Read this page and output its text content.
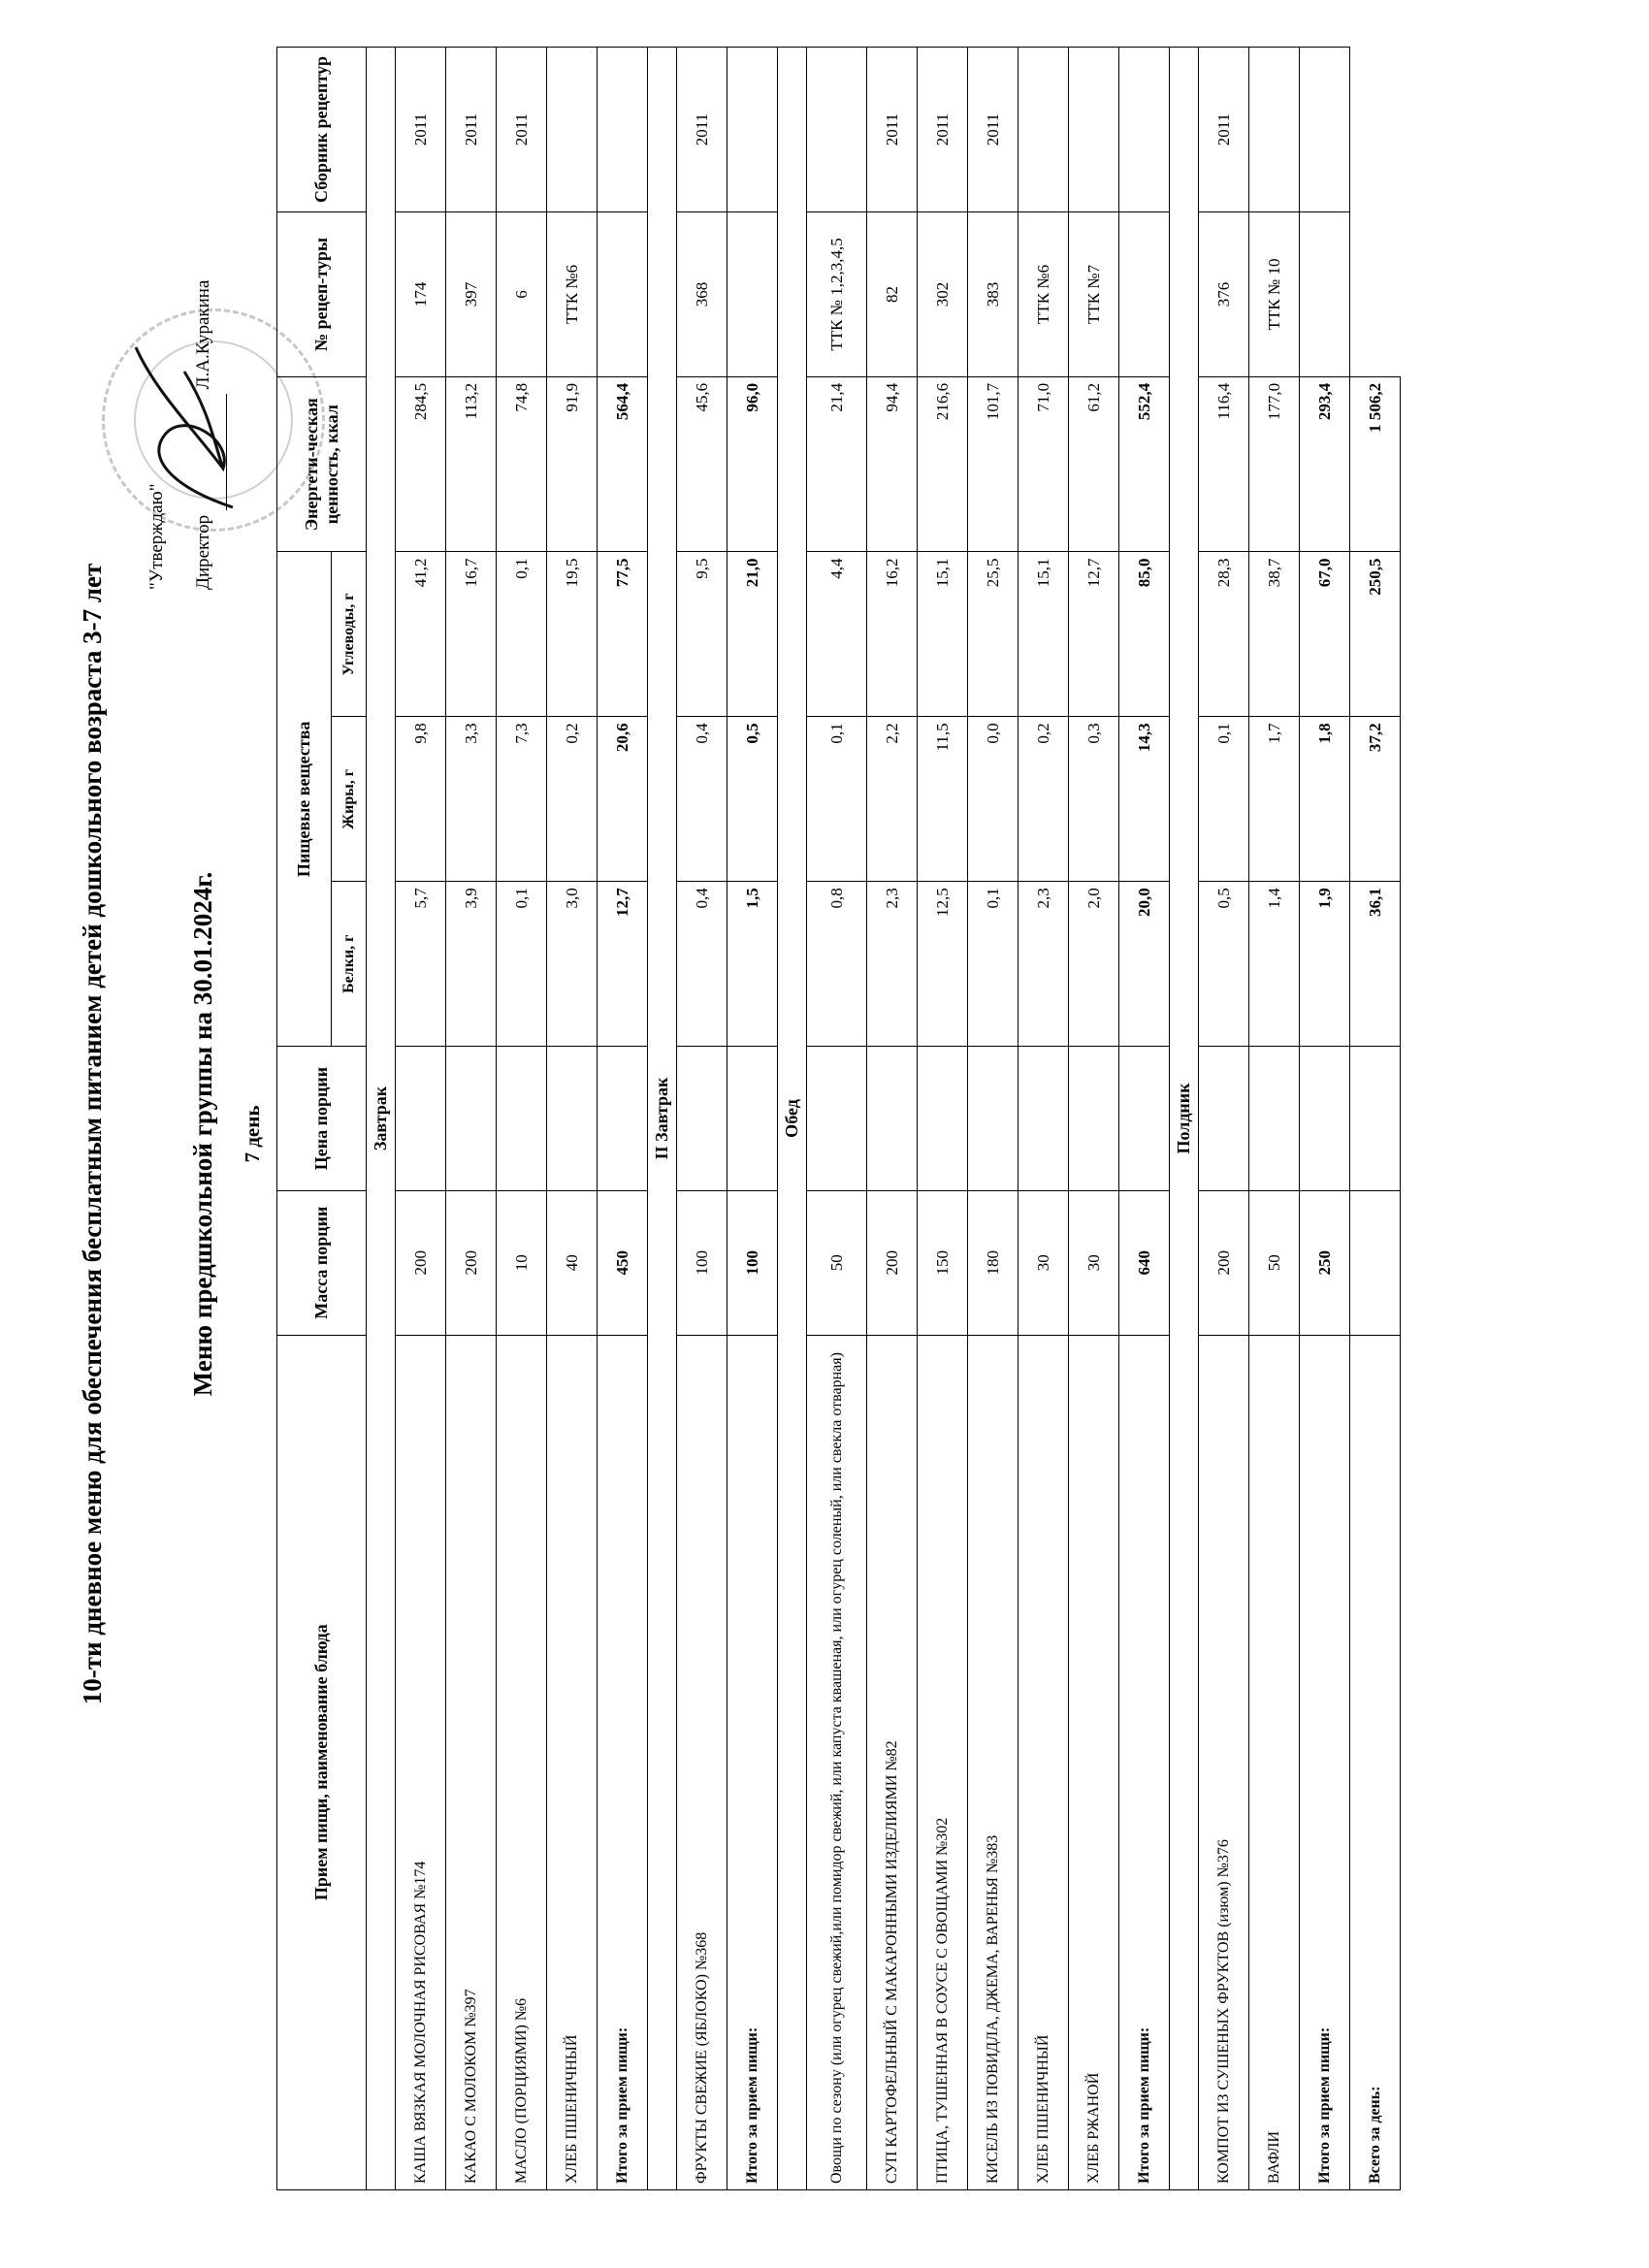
10-ти дневное меню для обеспечения бесплатным питанием детей дошкольного возраста 3-7 лет
"Утверждаю"	Директор  Л.А.Куракина
Меню предшкольной группы на 30.01.2024г. 7 день
Прием пищи, наименование блюда	Масса порции	Цена порции	Пищевые вещества			Энергети-ческая ценность, ккал	№ рецеп-туры	Сборник рецептур
			Белки, г	Жиры, г	Углеводы, г			
Завтрак								
КАША ВЯЗКАЯ МОЛОЧНАЯ РИСОВАЯ №174	200		5,7	9,8	41,2	284,5	174	2011
КАКАО С МОЛОКОМ №397	200		3,9	3,3	16,7	113,2	397	2011
МАСЛО (ПОРЦИЯМИ) №6	10		0,1	7,3	0,1	74,8	6	2011
ХЛЕБ ПШЕНИЧНЫЙ	40		3,0	0,2	19,5	91,9	ТТК №6	
Итого за прием пищи:	450		12,7	20,6	77,5	564,4		
II Завтрак								
ФРУКТЫ СВЕЖИЕ (ЯБЛОКО) №368	100		0,4	0,4	9,5	45,6	368	2011
Итого за прием пищи:	100		1,5	0,5	21,0	96,0		
Обед								
Овощи по сезону (или огурец свежий,или помидор свежий, или капуста квашеная, или огурец соленый, или свекла отварная)	50		0,8	0,1	4,4	21,4	ТТК № 1,2,3,4,5	
СУП КАРТОФЕЛЬНЫЙ С МАКАРОННЫМИ ИЗДЕЛИЯМИ №82	200		2,3	2,2	16,2	94,4	82	2011
ПТИЦА, ТУШЕННАЯ В СОУСЕ С ОВОЩАМИ №302	150		12,5	11,5	15,1	216,6	302	2011
КИСЕЛЬ ИЗ ПОВИДЛА, ДЖЕМА, ВАРЕНЬЯ №383	180		0,1	0,0	25,5	101,7	383	2011
ХЛЕБ ПШЕНИЧНЫЙ	30		2,3	0,2	15,1	71,0	ТТК №6	
ХЛЕБ РЖАНОЙ	30		2,0	0,3	12,7	61,2	ТТК №7	
Итого за прием пищи:	640		20,0	14,3	85,0	552,4		
Полдник								
КОМПОТ ИЗ СУШЕНЫХ ФРУКТОВ (изюм) №376	200		0,5	0,1	28,3	116,4	376	2011
ВАФЛИ	50		1,4	1,7	38,7	177,0	ТТК № 10	
Итого за прием пищи:	250		1,9	1,8	67,0	293,4		
Всего за день:			36,1	37,2	250,5	1 506,2		
